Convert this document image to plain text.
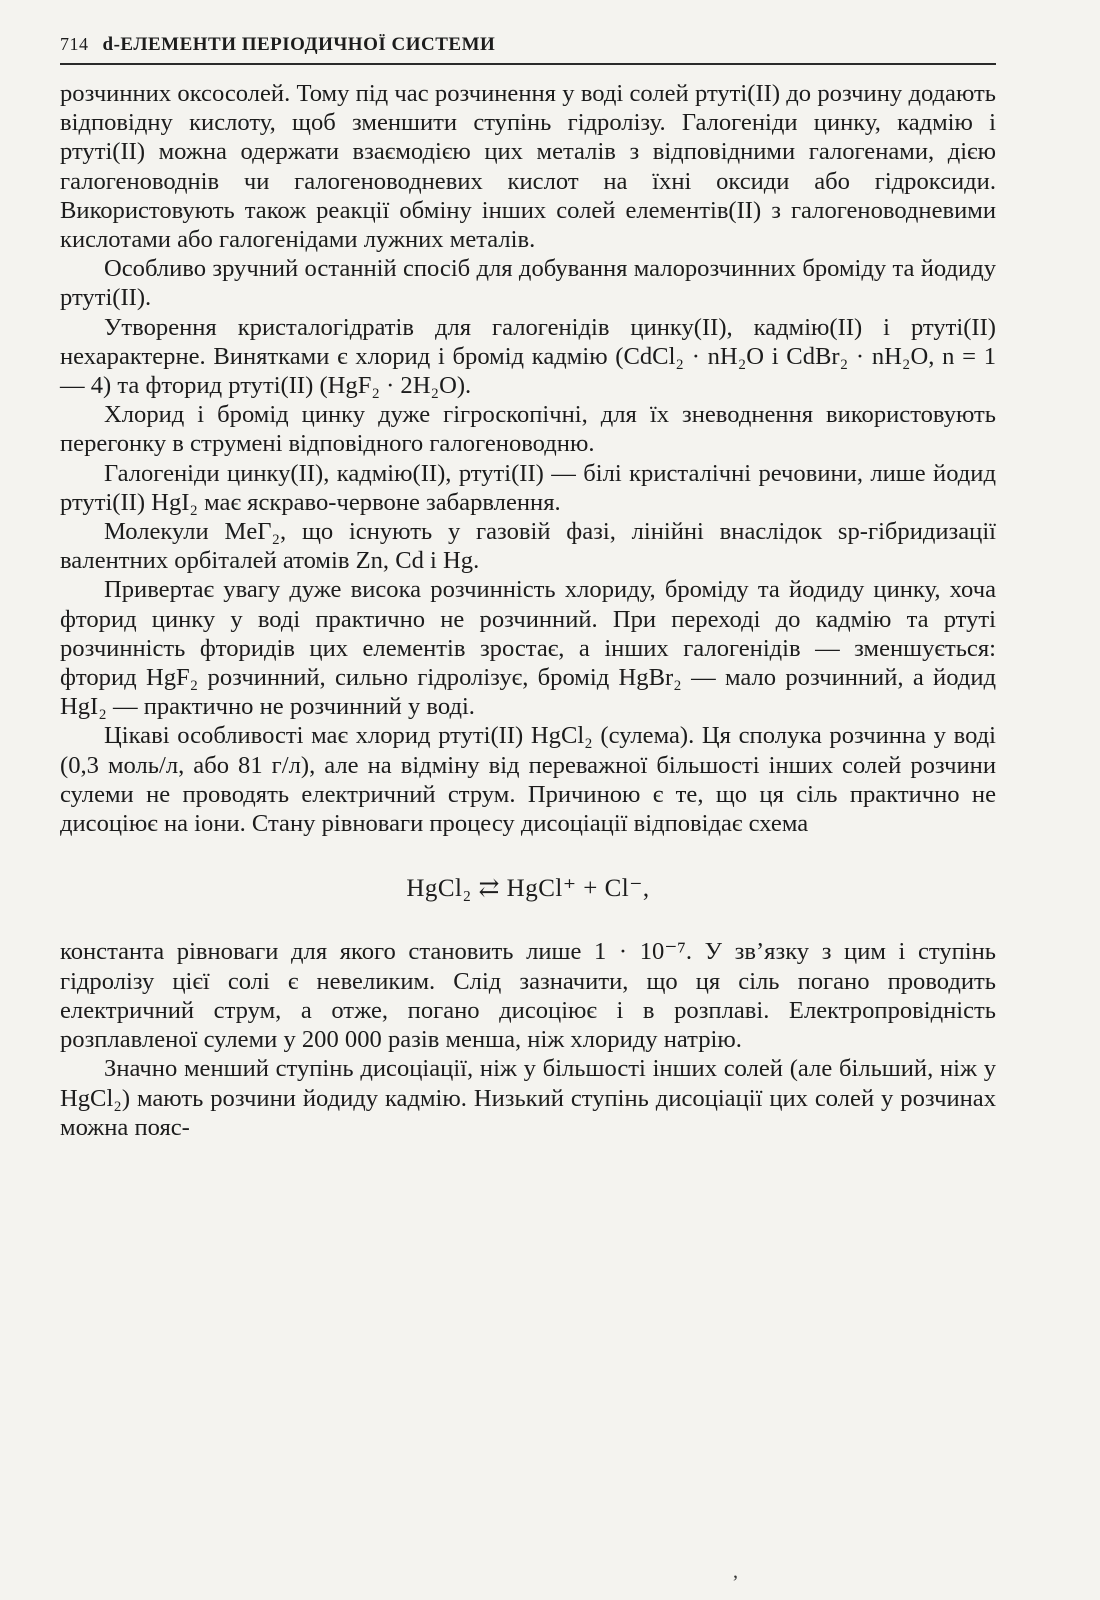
714 d-ЕЛЕМЕНТИ ПЕРІОДИЧНОЇ СИСТЕМИ

розчинних оксосолей. Тому під час розчинення у воді солей ртуті(II) до розчину додають відповідну кислоту, щоб зменшити ступінь гідролізу. Галогеніди цинку, кадмію і ртуті(II) можна одержати взаємодією цих металів з відповідними галогенами, дією галогеноводнів чи галогеноводневих кислот на їхні оксиди або гідроксиди. Використовують також реакції обміну інших солей елементів(II) з галогеноводневими кислотами або галогенідами лужних металів.

Особливо зручний останній спосіб для добування малорозчинних броміду та йодиду ртуті(II).

Утворення кристалогідратів для галогенідів цинку(II), кадмію(II) і ртуті(II) нехарактерне. Винятками є хлорид і бромід кадмію (CdCl₂ · nH₂O і CdBr₂ · nH₂O, n = 1 — 4) та фторид ртуті(II) (HgF₂ · 2H₂O).

Хлорид і бромід цинку дуже гігроскопічні, для їх зневоднення використовують перегонку в струмені відповідного галогеноводню.

Галогеніди цинку(II), кадмію(II), ртуті(II) — білі кристалічні речовини, лише йодид ртуті(II) HgI₂ має яскраво-червоне забарвлення.

Молекули MeГ₂, що існують у газовій фазі, лінійні внаслідок sp-гібридизації валентних орбіталей атомів Zn, Cd і Hg.

Привертає увагу дуже висока розчинність хлориду, броміду та йодиду цинку, хоча фторид цинку у воді практично не розчинний. При переході до кадмію та ртуті розчинність фторидів цих елементів зростає, а інших галогенідів — зменшується: фторид HgF₂ розчинний, сильно гідролізує, бромід HgBr₂ — мало розчинний, а йодид HgI₂ — практично не розчинний у воді.

Цікаві особливості має хлорид ртуті(II) HgCl₂ (сулема). Ця сполука розчинна у воді (0,3 моль/л, або 81 г/л), але на відміну від переважної більшості інших солей розчини сулеми не проводять електричний струм. Причиною є те, що ця сіль практично не дисоціює на іони. Стану рівноваги процесу дисоціації відповідає схема

HgCl₂ ⇄ HgCl⁺ + Cl⁻,

константа рівноваги для якого становить лише 1 · 10⁻⁷. У зв’язку з цим і ступінь гідролізу цієї солі є невеликим. Слід зазначити, що ця сіль погано проводить електричний струм, а отже, погано дисоціює і в розплаві. Електропровідність розплавленої сулеми у 200 000 разів менша, ніж хлориду натрію.

Значно менший ступінь дисоціації, ніж у більшості інших солей (але більший, ніж у HgCl₂) мають розчини йодиду кадмію. Низький ступінь дисоціації цих солей у розчинах можна пояс-

ʼ
